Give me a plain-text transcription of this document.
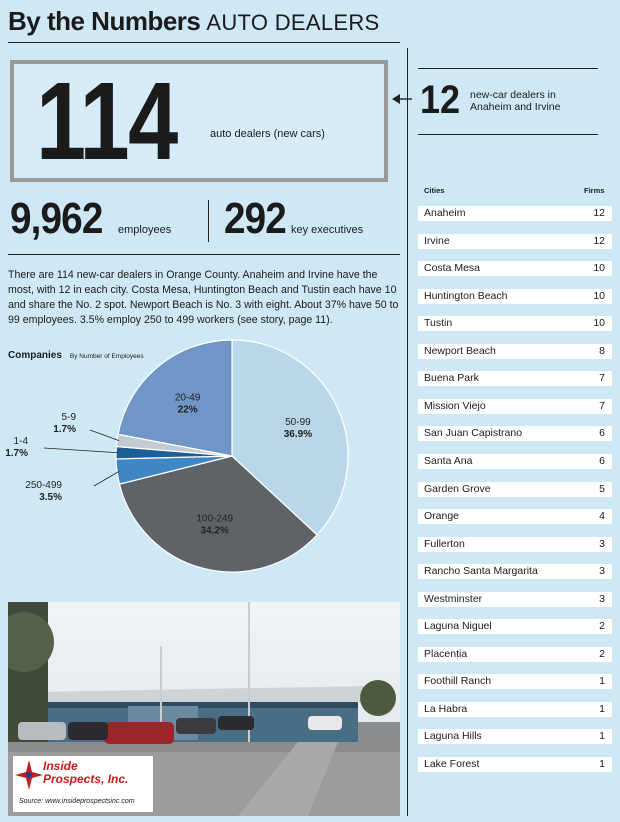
By the Numbers AUTO DEALERS
114	auto dealers (new cars)
12 new-car dealers in Anaheim and Irvine
9,962 employees 292 key executives
There are 114 new-car dealers in Orange County. Anaheim and Irvine have the most, with 12 in each city. Costa Mesa, Huntington Beach and Tustin each have 10 and share the No. 2 spot. Newport Beach is No. 3 with eight. About 37% have 50 to 99 employees. 3.5% employ 250 to 499 workers (see story, page 11).
Companies By Number of Employees
50-99
36.9%
100-249
34.2%
250-499
3.5%
1-4
1.7%
5-9
1.7%
20-49
22%
Inside
Prospects, Inc.
Source: www.insideprospectsinc.com
Cities	Firms
Anaheim	12
Irvine	12
Costa Mesa	10
Huntington Beach	10
Tustin	10
Newport Beach	8
Buena Park	7
Mission Viejo	7
San Juan Capistrano	6
Santa Ana	6
Garden Grove	5
Orange	4
Fullerton	3
Rancho Santa Margarita	3
Westminster	3
Laguna Niguel	2
Placentia	2
Foothill Ranch	1
La Habra	1
Laguna Hills	1
Lake Forest	1
